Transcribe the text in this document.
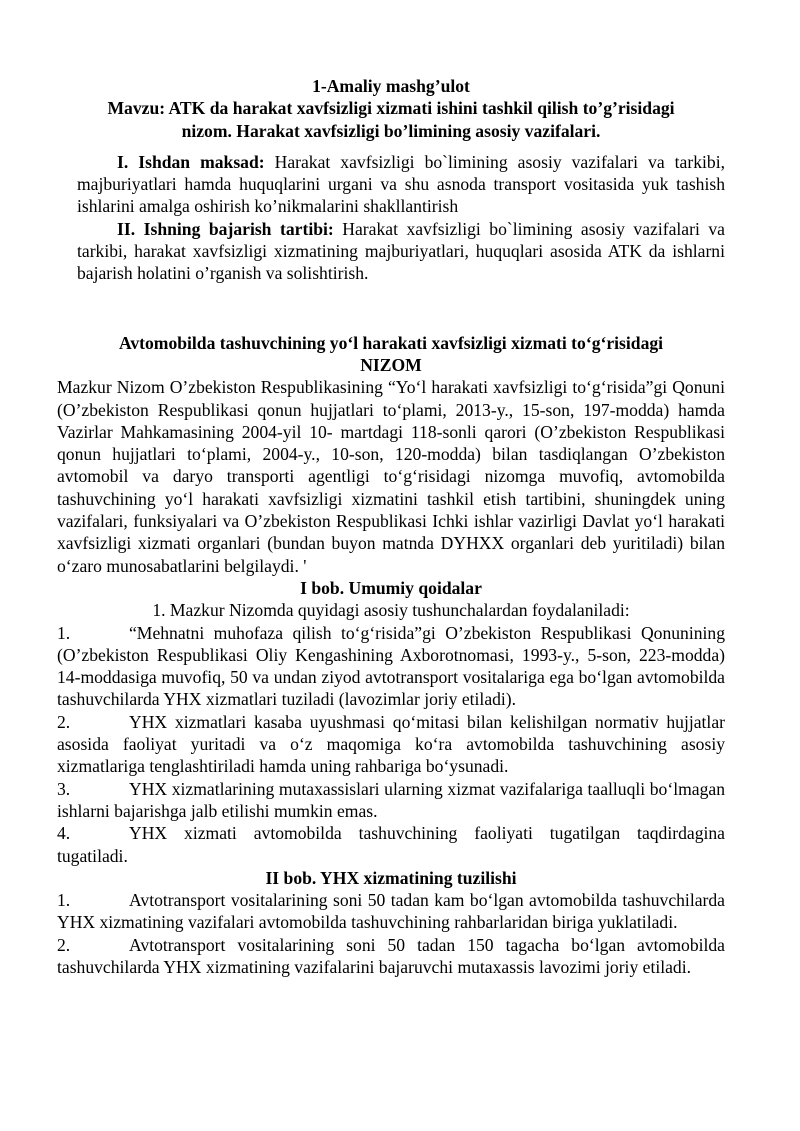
1-Amaliy mashg’ulot
Mavzu: ATK da harakat xavfsizligi xizmati ishini tashkil qilish to’g’risidagi
nizom. Harakat xavfsizligi bo’limining asosiy vazifalari.

I. Ishdan maksad: Harakat xavfsizligi bo`limining asosiy vazifalari va tarkibi, majburiyatlari hamda huquqlarini urgani va shu asnoda transport vositasida yuk tashish ishlarini amalga oshirish ko’nikmalarini shakllantirish

II. Ishning bajarish tartibi: Harakat xavfsizligi bo`limining asosiy vazifalari va tarkibi, harakat xavfsizligi xizmatining majburiyatlari, huquqlari asosida ATK da ishlarni bajarish holatini o’rganish va solishtirish.

Avtomobilda tashuvchining yo‘l harakati xavfsizligi xizmati to‘g‘risidagi
NIZOM

Mazkur Nizom O’zbekiston Respublikasining “Yo‘l harakati xavfsizligi to‘g‘risida”gi Qonuni (O’zbekiston Respublikasi qonun hujjatlari to‘plami, 2013-y., 15-son, 197-modda) hamda Vazirlar Mahkamasining 2004-yil 10- martdagi 118-sonli qarori (O’zbekiston Respublikasi qonun hujjatlari to‘plami, 2004-y., 10-son, 120-modda) bilan tasdiqlangan O’zbekiston avtomobil va daryo transporti agentligi to‘g‘risidagi nizomga muvofiq, avtomobilda tashuvchining yo‘l harakati xavfsizligi xizmatini tashkil etish tartibini, shuningdek uning vazifalari, funksiyalari va O’zbekiston Respublikasi Ichki ishlar vazirligi Davlat yo‘l harakati xavfsizligi xizmati organlari (bundan buyon matnda DYHXX organlari deb yuritiladi) bilan o‘zaro munosabatlarini belgilaydi. '

I bob. Umumiy qoidalar

1. Mazkur Nizomda quyidagi asosiy tushunchalardan foydalaniladi:

1.	“Mehnatni muhofaza qilish to‘g‘risida”gi O’zbekiston Respublikasi Qonunining (O’zbekiston Respublikasi Oliy Kengashining Axborotnomasi, 1993-y., 5-son, 223-modda) 14-moddasiga muvofiq, 50 va undan ziyod avtotransport vositalariga ega bo‘lgan avtomobilda tashuvchilarda YHX xizmatlari tuziladi (lavozimlar joriy etiladi).

2.	YHX xizmatlari kasaba uyushmasi qo‘mitasi bilan kelishilgan normativ hujjatlar asosida faoliyat yuritadi va o‘z maqomiga ko‘ra avtomobilda tashuvchining asosiy xizmatlariga tenglashtiriladi hamda uning rahbariga bo‘ysunadi.

3.	YHX xizmatlarining mutaxassislari ularning xizmat vazifalariga taalluqli bo‘lmagan ishlarni bajarishga jalb etilishi mumkin emas.

4.	YHX xizmati avtomobilda tashuvchining faoliyati tugatilgan taqdirdagina tugatiladi.

II bob. YHX xizmatining tuzilishi

1.	Avtotransport vositalarining soni 50 tadan kam bo‘lgan avtomobilda tashuvchilarda YHX xizmatining vazifalari avtomobilda tashuvchining rahbarlaridan biriga yuklatiladi.

2.	Avtotransport vositalarining soni 50 tadan 150 tagacha bo‘lgan avtomobilda tashuvchilarda YHX xizmatining vazifalarini bajaruvchi mutaxassis lavozimi joriy etiladi.
